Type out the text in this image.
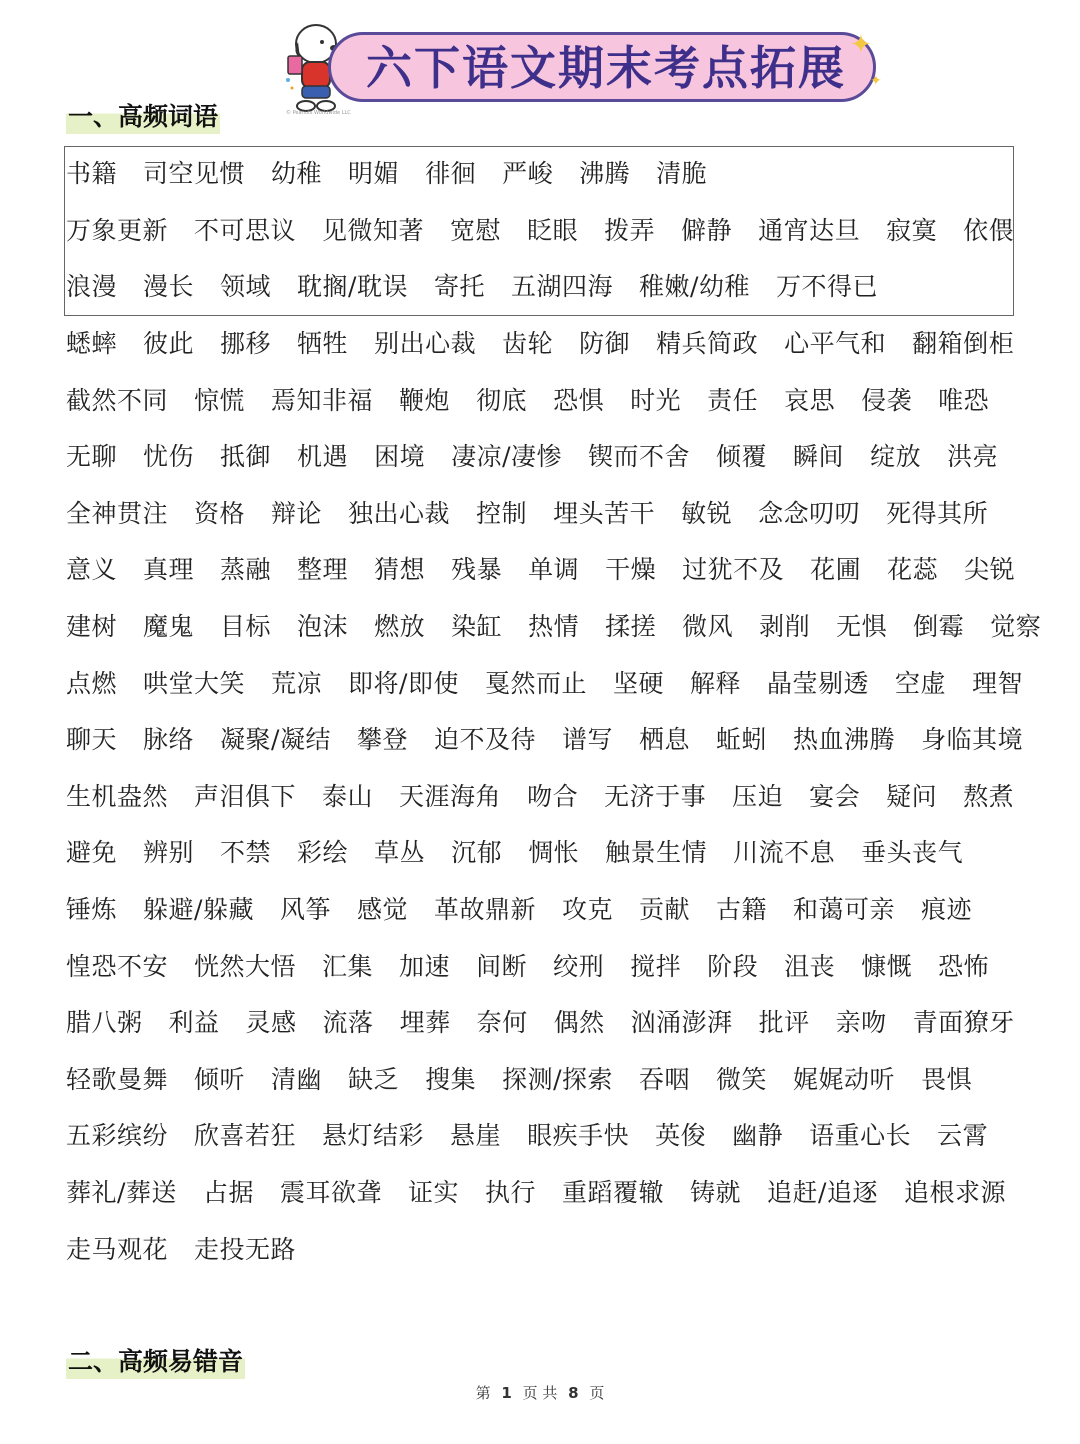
© Peanuts Worldwide LLC
六下语文期末考点拓展 ✦
✦
一、高频词语
书籍 司空见惯 幼稚 明媚 徘徊 严峻 沸腾 清脆
万象更新 不可思议 见微知著 宽慰 眨眼 拨弄 僻静 通宵达旦 寂寞 依偎
浪漫 漫长 领域 耽搁/耽误 寄托 五湖四海 稚嫩/幼稚 万不得已
蟋蟀 彼此 挪移 牺牲 别出心裁 齿轮 防御 精兵简政 心平气和 翻箱倒柜
截然不同 惊慌 焉知非福 鞭炮 彻底 恐惧 时光 责任 哀思 侵袭 唯恐
无聊 忧伤 抵御 机遇 困境 凄凉/凄惨 锲而不舍 倾覆 瞬间 绽放 洪亮
全神贯注 资格 辩论 独出心裁 控制 埋头苦干 敏锐 念念叨叨 死得其所
意义 真理 蒸融 整理 猜想 残暴 单调 干燥 过犹不及 花圃 花蕊 尖锐
建树 魔鬼 目标 泡沫 燃放 染缸 热情 揉搓 微风 剥削 无惧 倒霉 觉察
点燃 哄堂大笑 荒凉 即将/即使 戛然而止 坚硬 解释 晶莹剔透 空虚 理智
聊天 脉络 凝聚/凝结 攀登 迫不及待 谱写 栖息 蚯蚓 热血沸腾 身临其境
生机盎然 声泪俱下 泰山 天涯海角 吻合 无济于事 压迫 宴会 疑问 熬煮
避免 辨别 不禁 彩绘 草丛 沉郁 惆怅 触景生情 川流不息 垂头丧气
锤炼 躲避/躲藏 风筝 感觉 革故鼎新 攻克 贡献 古籍 和蔼可亲 痕迹
惶恐不安 恍然大悟 汇集 加速 间断 绞刑 搅拌 阶段 沮丧 慷慨 恐怖
腊八粥 利益 灵感 流落 埋葬 奈何 偶然 汹涌澎湃 批评 亲吻 青面獠牙
轻歌曼舞 倾听 清幽 缺乏 搜集 探测/探索 吞咽 微笑 娓娓动听 畏惧
五彩缤纷 欣喜若狂 悬灯结彩 悬崖 眼疾手快 英俊 幽静 语重心长 云霄
葬礼/葬送 占据 震耳欲聋 证实 执行 重蹈覆辙 铸就 追赶/追逐 追根求源
走马观花 走投无路
二、高频易错音
第 1 页 共 8 页
